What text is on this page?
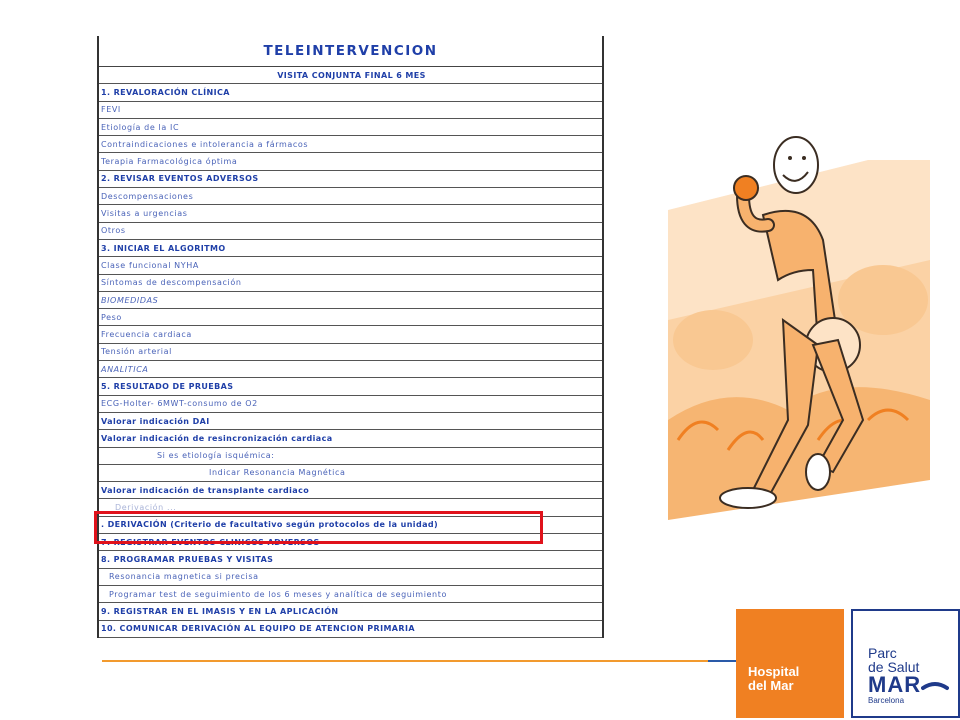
TELEINTERVENCION
VISITA CONJUNTA FINAL 6 MES
1. REVALORACIÓN CLÍNICA
FEVI
Etiología de la IC
Contraindicaciones e intolerancia a fármacos
Terapia Farmacológica óptima
2. REVISAR EVENTOS ADVERSOS
Descompensaciones
Visitas a urgencias
Otros
3. INICIAR EL ALGORITMO
Clase funcional NYHA
Síntomas de descompensación
BIOMEDIDAS
Peso
Frecuencia cardiaca
Tensión arterial
ANALITICA
5. RESULTADO DE PRUEBAS
ECG-Holter- 6MWT-consumo de O2
Valorar indicación DAI
Valorar indicación de resincronización cardiaca
Si es etiología isquémica:
Indicar Resonancia Magnética
Valorar indicación de transplante cardiaco
Derivación ...
. DERIVACIÓN (Criterio de facultativo según protocolos de la unidad)
7. REGISTRAR EVENTOS CLINICOS ADVERSOS
8. PROGRAMAR PRUEBAS Y VISITAS
Resonancia magnetica si precisa
Programar test de seguimiento de los 6 meses y analítica de seguimiento
9. REGISTRAR EN EL IMASIS Y EN LA APLICACIÓN
10. COMUNICAR DERIVACIÓN AL EQUIPO DE ATENCION PRIMARIA
Hospital
del Mar
Parc
de Salut
MAR
Barcelona
